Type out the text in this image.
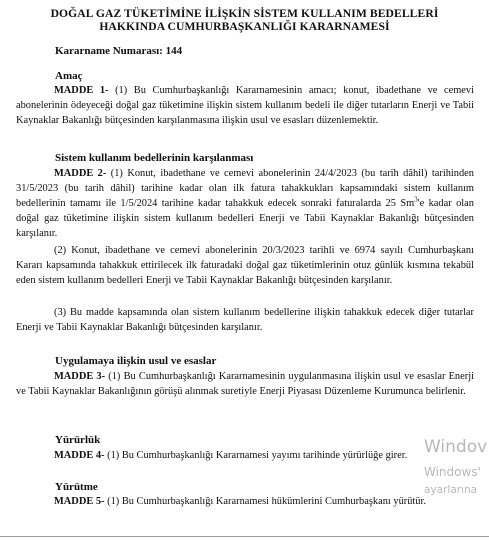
DOĞAL GAZ TÜKETİMİNE İLİŞKİN SİSTEM KULLANIM BEDELLERİ
HAKKINDA CUMHURBAŞKANLIĞI KARARNAMESİ
Kararname Numarası: 144
Amaç
MADDE 1- (1) Bu Cumhurbaşkanlığı Kararnamesinin amacı; konut, ibadethane ve cemevi abonelerinin ödeyeceği doğal gaz tüketimine ilişkin sistem kullanım bedeli ile diğer tutarların Enerji ve Tabii Kaynaklar Bakanlığı bütçesinden karşılanmasına ilişkin usul ve esasları düzenlemektir.
Sistem kullanım bedellerinin karşılanması
MADDE 2- (1) Konut, ibadethane ve cemevi abonelerinin 24/4/2023 (bu tarih dâhil) tarihinden 31/5/2023 (bu tarih dâhil) tarihine kadar olan ilk fatura tahakkukları kapsamındaki sistem kullanım bedellerinin tamamı ile 1/5/2024 tarihine kadar tahakkuk edecek sonraki faturalarda 25 Sm$^3$'e kadar olan doğal gaz tüketimine ilişkin sistem kullanım bedelleri Enerji ve Tabii Kaynaklar Bakanlığı bütçesinden karşılanır.
(2) Konut, ibadethane ve cemevi abonelerinin 20/3/2023 tarihli ve 6974 sayılı Cumhurbaşkanı Kararı kapsamında tahakkuk ettirilecek ilk faturadaki doğal gaz tüketimlerinin otuz günlük kısmına tekabül eden sistem kullanım bedelleri Enerji ve Tabii Kaynaklar Bakanlığı bütçesinden karşılanır.
(3) Bu madde kapsamında olan sistem kullanım bedellerine ilişkin tahakkuk edecek diğer tutarlar Enerji ve Tabii Kaynaklar Bakanlığı bütçesinden karşılanır.
Uygulamaya ilişkin usul ve esaslar
MADDE 3- (1) Bu Cumhurbaşkanlığı Kararnamesinin uygulanmasına ilişkin usul ve esaslar Enerji ve Tabii Kaynaklar Bakanlığının görüşü alınmak suretiyle Enerji Piyasası Düzenleme Kurumunca belirlenir.
Yürürlük
MADDE 4- (1) Bu Cumhurbaşkanlığı Kararnamesi yayımı tarihinde yürürlüğe girer.
Yürütme
MADDE 5- (1) Bu Cumhurbaşkanlığı Kararnamesi hükümlerini Cumhurbaşkanı yürütür.
Windov
Windows'
ayarlarına
